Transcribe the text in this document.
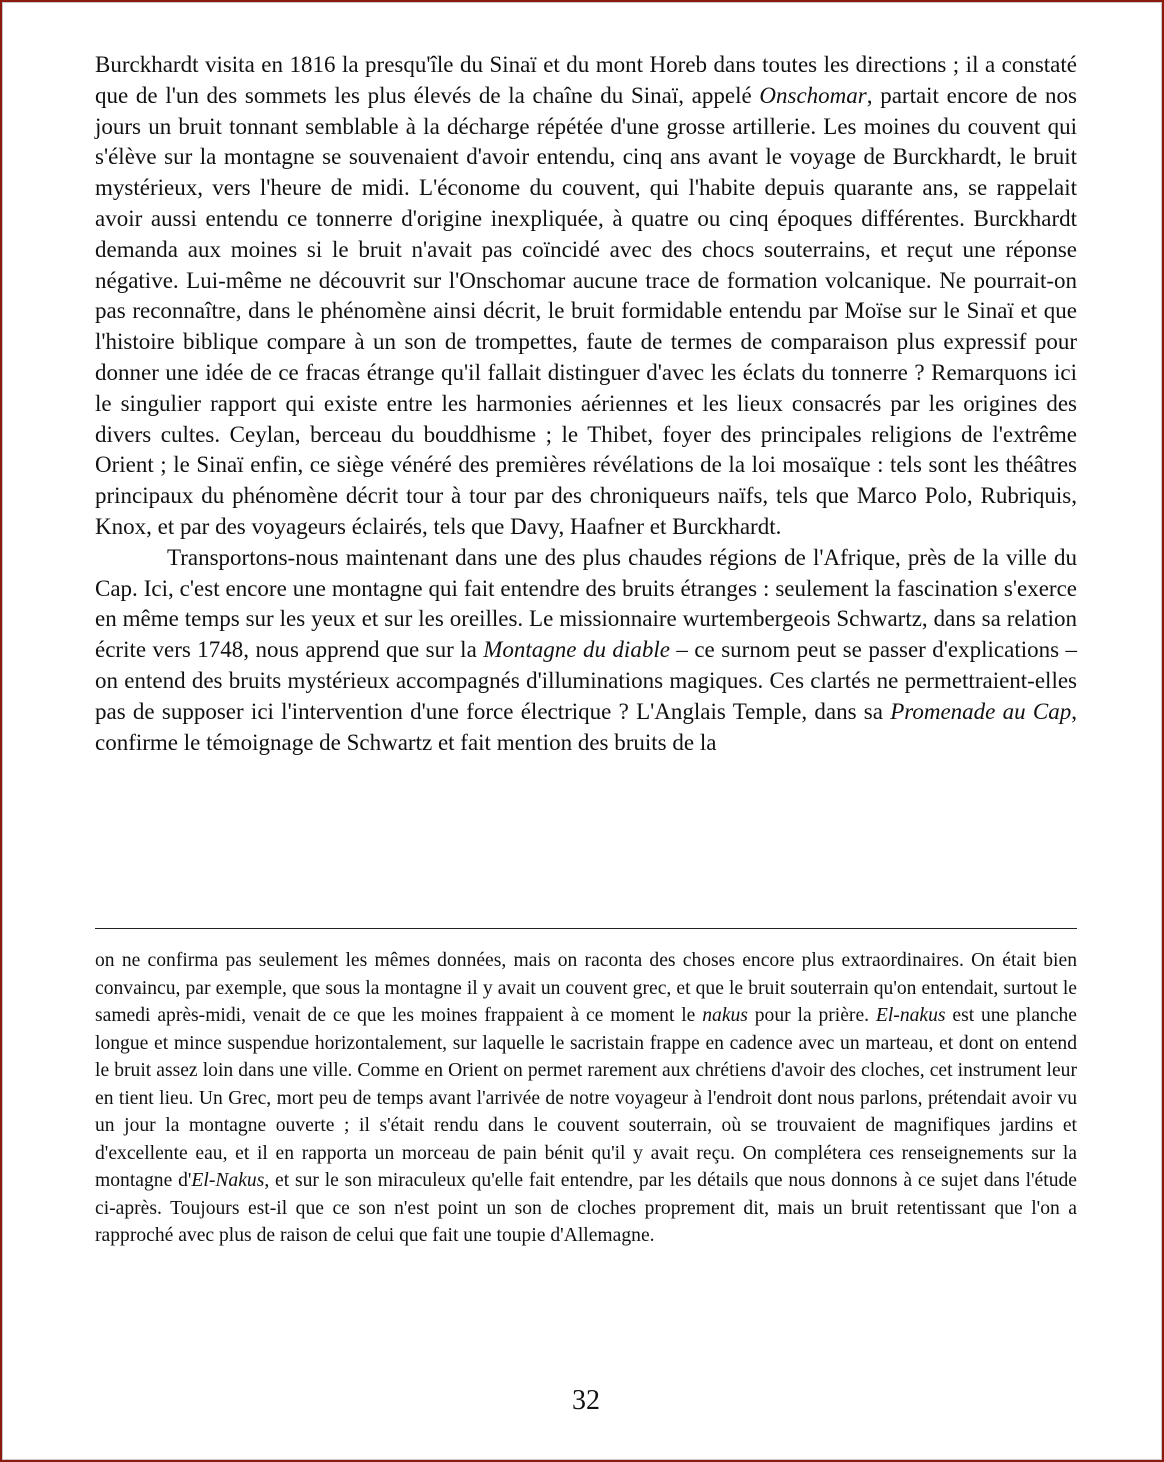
Burckhardt visita en 1816 la presqu'île du Sinaï et du mont Horeb dans toutes les directions ; il a constaté que de l'un des sommets les plus élevés de la chaîne du Sinaï, appelé Onschomar, partait encore de nos jours un bruit tonnant semblable à la décharge répétée d'une grosse artillerie. Les moines du couvent qui s'élève sur la montagne se souvenaient d'avoir entendu, cinq ans avant le voyage de Burckhardt, le bruit mystérieux, vers l'heure de midi. L'économe du couvent, qui l'habite depuis quarante ans, se rappelait avoir aussi entendu ce tonnerre d'origine inexpliquée, à quatre ou cinq époques différentes. Burckhardt demanda aux moines si le bruit n'avait pas coïncidé avec des chocs souterrains, et reçut une réponse négative. Lui-même ne découvrit sur l'Onschomar aucune trace de formation volcanique. Ne pourrait-on pas reconnaître, dans le phénomène ainsi décrit, le bruit formidable entendu par Moïse sur le Sinaï et que l'histoire biblique compare à un son de trompettes, faute de termes de comparaison plus expressif pour donner une idée de ce fracas étrange qu'il fallait distinguer d'avec les éclats du tonnerre ? Remarquons ici le singulier rapport qui existe entre les harmonies aériennes et les lieux consacrés par les origines des divers cultes. Ceylan, berceau du bouddhisme ; le Thibet, foyer des principales religions de l'extrême Orient ; le Sinaï enfin, ce siège vénéré des premières révélations de la loi mosaïque : tels sont les théâtres principaux du phénomène décrit tour à tour par des chroniqueurs naïfs, tels que Marco Polo, Rubriquis, Knox, et par des voyageurs éclairés, tels que Davy, Haafner et Burckhardt.

Transportons-nous maintenant dans une des plus chaudes régions de l'Afrique, près de la ville du Cap. Ici, c'est encore une montagne qui fait entendre des bruits étranges : seulement la fascination s'exerce en même temps sur les yeux et sur les oreilles. Le missionnaire wurtembergeois Schwartz, dans sa relation écrite vers 1748, nous apprend que sur la Montagne du diable – ce surnom peut se passer d'explications – on entend des bruits mystérieux accompagnés d'illuminations magiques. Ces clartés ne permettraient-elles pas de supposer ici l'intervention d'une force électrique ? L'Anglais Temple, dans sa Promenade au Cap, confirme le témoignage de Schwartz et fait mention des bruits de la

on ne confirma pas seulement les mêmes données, mais on raconta des choses encore plus extraordinaires. On était bien convaincu, par exemple, que sous la montagne il y avait un couvent grec, et que le bruit souterrain qu'on entendait, surtout le samedi après-midi, venait de ce que les moines frappaient à ce moment le nakus pour la prière. El-nakus est une planche longue et mince suspendue horizontalement, sur laquelle le sacristain frappe en cadence avec un marteau, et dont on entend le bruit assez loin dans une ville. Comme en Orient on permet rarement aux chrétiens d'avoir des cloches, cet instrument leur en tient lieu. Un Grec, mort peu de temps avant l'arrivée de notre voyageur à l'endroit dont nous parlons, prétendait avoir vu un jour la montagne ouverte ; il s'était rendu dans le couvent souterrain, où se trouvaient de magnifiques jardins et d'excellente eau, et il en rapporta un morceau de pain bénit qu'il y avait reçu. On complétera ces renseignements sur la montagne d'El-Nakus, et sur le son miraculeux qu'elle fait entendre, par les détails que nous donnons à ce sujet dans l'étude ci-après. Toujours est-il que ce son n'est point un son de cloches proprement dit, mais un bruit retentissant que l'on a rapproché avec plus de raison de celui que fait une toupie d'Allemagne.

32
